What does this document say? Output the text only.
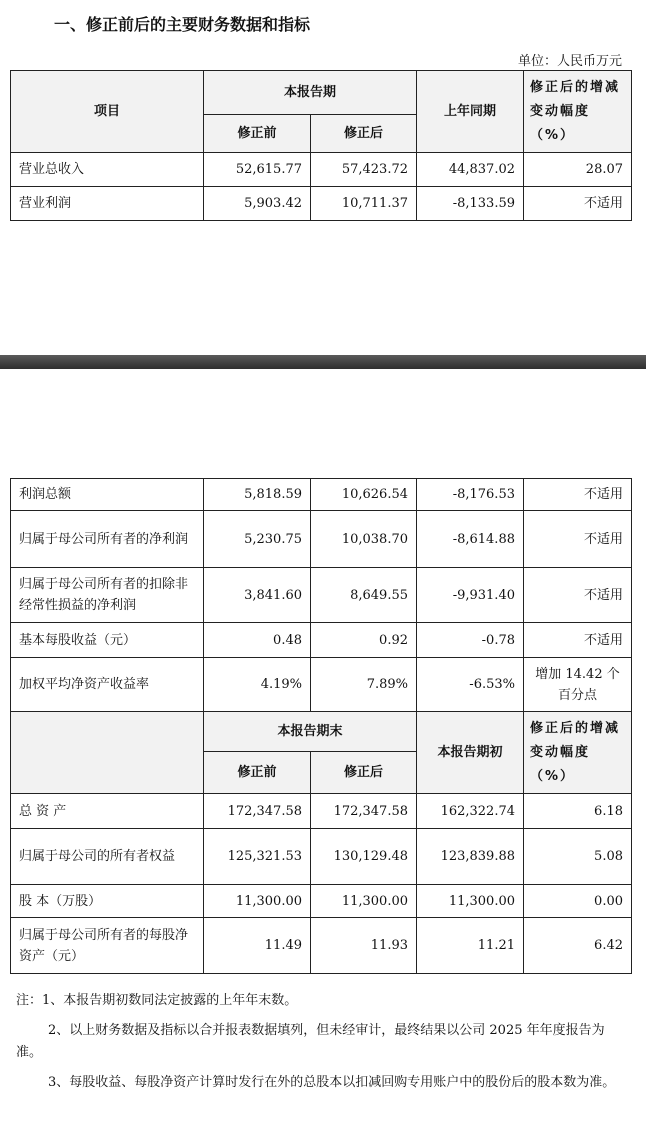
一、修正前后的主要财务数据和指标
单位：人民币万元
项目	本报告期		上年同期	修正后的增减变动幅度（%）
	修正前	修正后		
营业总收入	52,615.77	57,423.72	44,837.02	28.07
营业利润	5,903.42	10,711.37	-8,133.59	不适用
利润总额	5,818.59	10,626.54	-8,176.53	不适用
归属于母公司所有者的净利润	5,230.75	10,038.70	-8,614.88	不适用
归属于母公司所有者的扣除非经常性损益的净利润	3,841.60	8,649.55	-9,931.40	不适用
基本每股收益（元）	0.48	0.92	-0.78	不适用
加权平均净资产收益率	4.19%	7.89%	-6.53%	增加 14.42 个百分点
	本报告期末		本报告期初	修正后的增减变动幅度（%）
	修正前	修正后		
总 资 产	172,347.58	172,347.58	162,322.74	6.18
归属于母公司的所有者权益	125,321.53	130,129.48	123,839.88	5.08
股 本（万股）	11,300.00	11,300.00	11,300.00	0.00
归属于母公司所有者的每股净资产（元）	11.49	11.93	11.21	6.42

注：1、本报告期初数同法定披露的上年年末数。

2、以上财务数据及指标以合并报表数据填列，但未经审计，最终结果以公司 2025 年年度报告为准。

3、每股收益、每股净资产计算时发行在外的总股本以扣减回购专用账户中的股份后的股本数为准。
